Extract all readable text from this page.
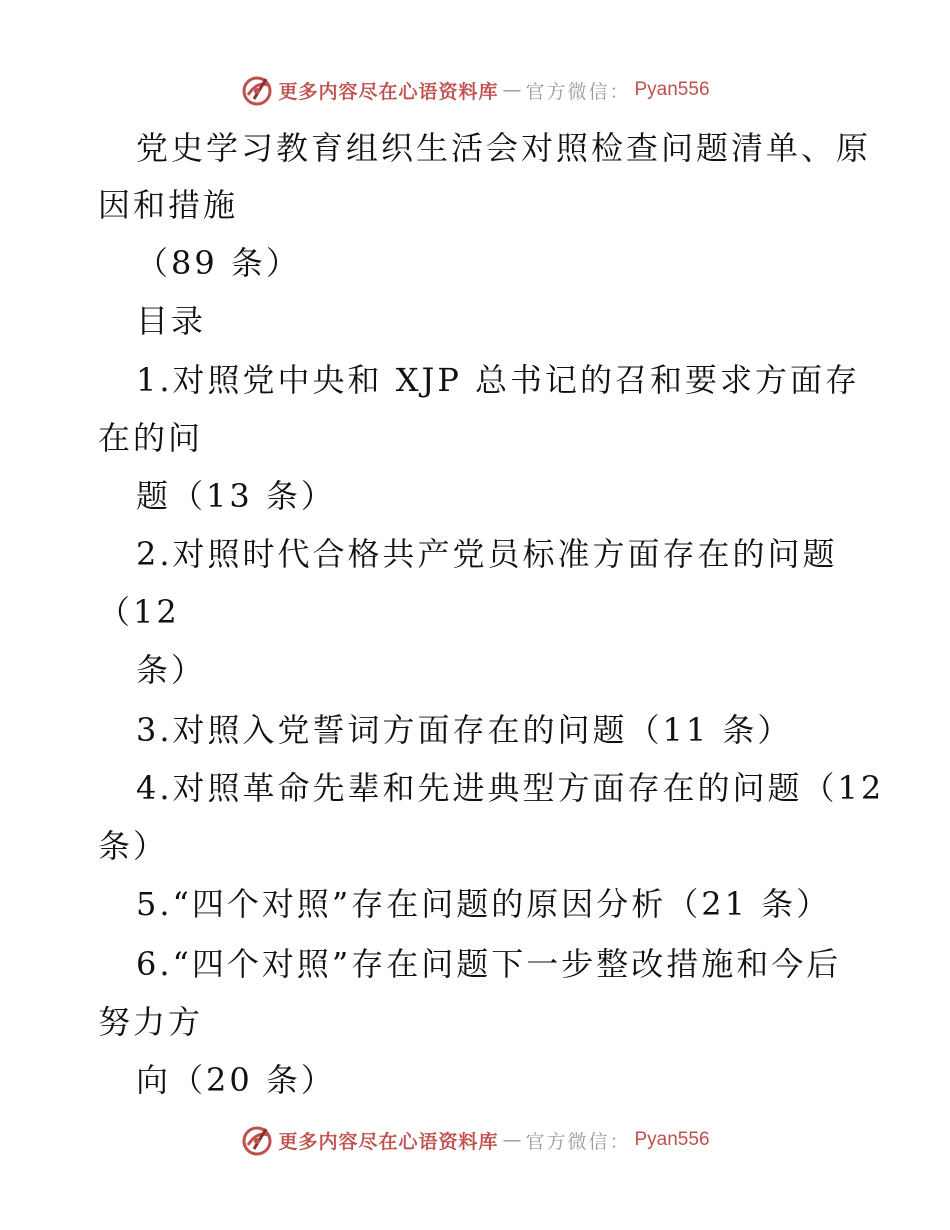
更多内容尽在心语资料库 — 官方微信： Pyan556
党史学习教育组织生活会对照检查问题清单、原
因和措施
（89 条）
目录
1.对照党中央和 XJP 总书记的召和要求方面存
在的问
题（13 条）
2.对照时代合格共产党员标准方面存在的问题
（12
条）
3.对照入党誓词方面存在的问题（11 条）
4.对照革命先辈和先进典型方面存在的问题（12
条）
5.“四个对照”存在问题的原因分析（21 条）
6.“四个对照”存在问题下一步整改措施和今后
努力方
向（20 条）
更多内容尽在心语资料库 — 官方微信： Pyan556
